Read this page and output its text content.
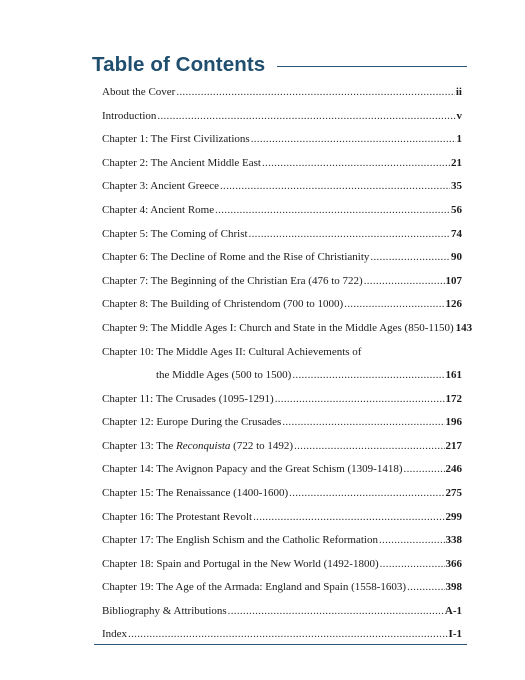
Table of Contents
About the Cover .....	ii
Introduction .....	v
Chapter 1: The First Civilizations .....	1
Chapter 2: The Ancient Middle East .....	21
Chapter 3: Ancient Greece .....	35
Chapter 4: Ancient Rome .....	56
Chapter 5: The Coming of Christ .....	74
Chapter 6: The Decline of Rome and the Rise of Christianity .....	90
Chapter 7: The Beginning of the Christian Era (476 to 722) .....	107
Chapter 8: The Building of Christendom (700 to 1000) .....	126
Chapter 9: The Middle Ages I: Church and State in the Middle Ages (850-1150) 143
Chapter 10: The Middle Ages II: Cultural Achievements of
the Middle Ages (500 to 1500) .....	161
Chapter 11: The Crusades (1095-1291) .....	172
Chapter 12: Europe During the Crusades .....	196
Chapter 13: The Reconquista (722 to 1492) .....	217
Chapter 14: The Avignon Papacy and the Great Schism (1309-1418) .....	246
Chapter 15: The Renaissance (1400-1600) .....	275
Chapter 16: The Protestant Revolt .....	299
Chapter 17: The English Schism and the Catholic Reformation .....	338
Chapter 18: Spain and Portugal in the New World (1492-1800) .....	366
Chapter 19: The Age of the Armada: England and Spain (1558-1603) .....	398
Bibliography & Attributions .....	A-1
Index .....	I-1
